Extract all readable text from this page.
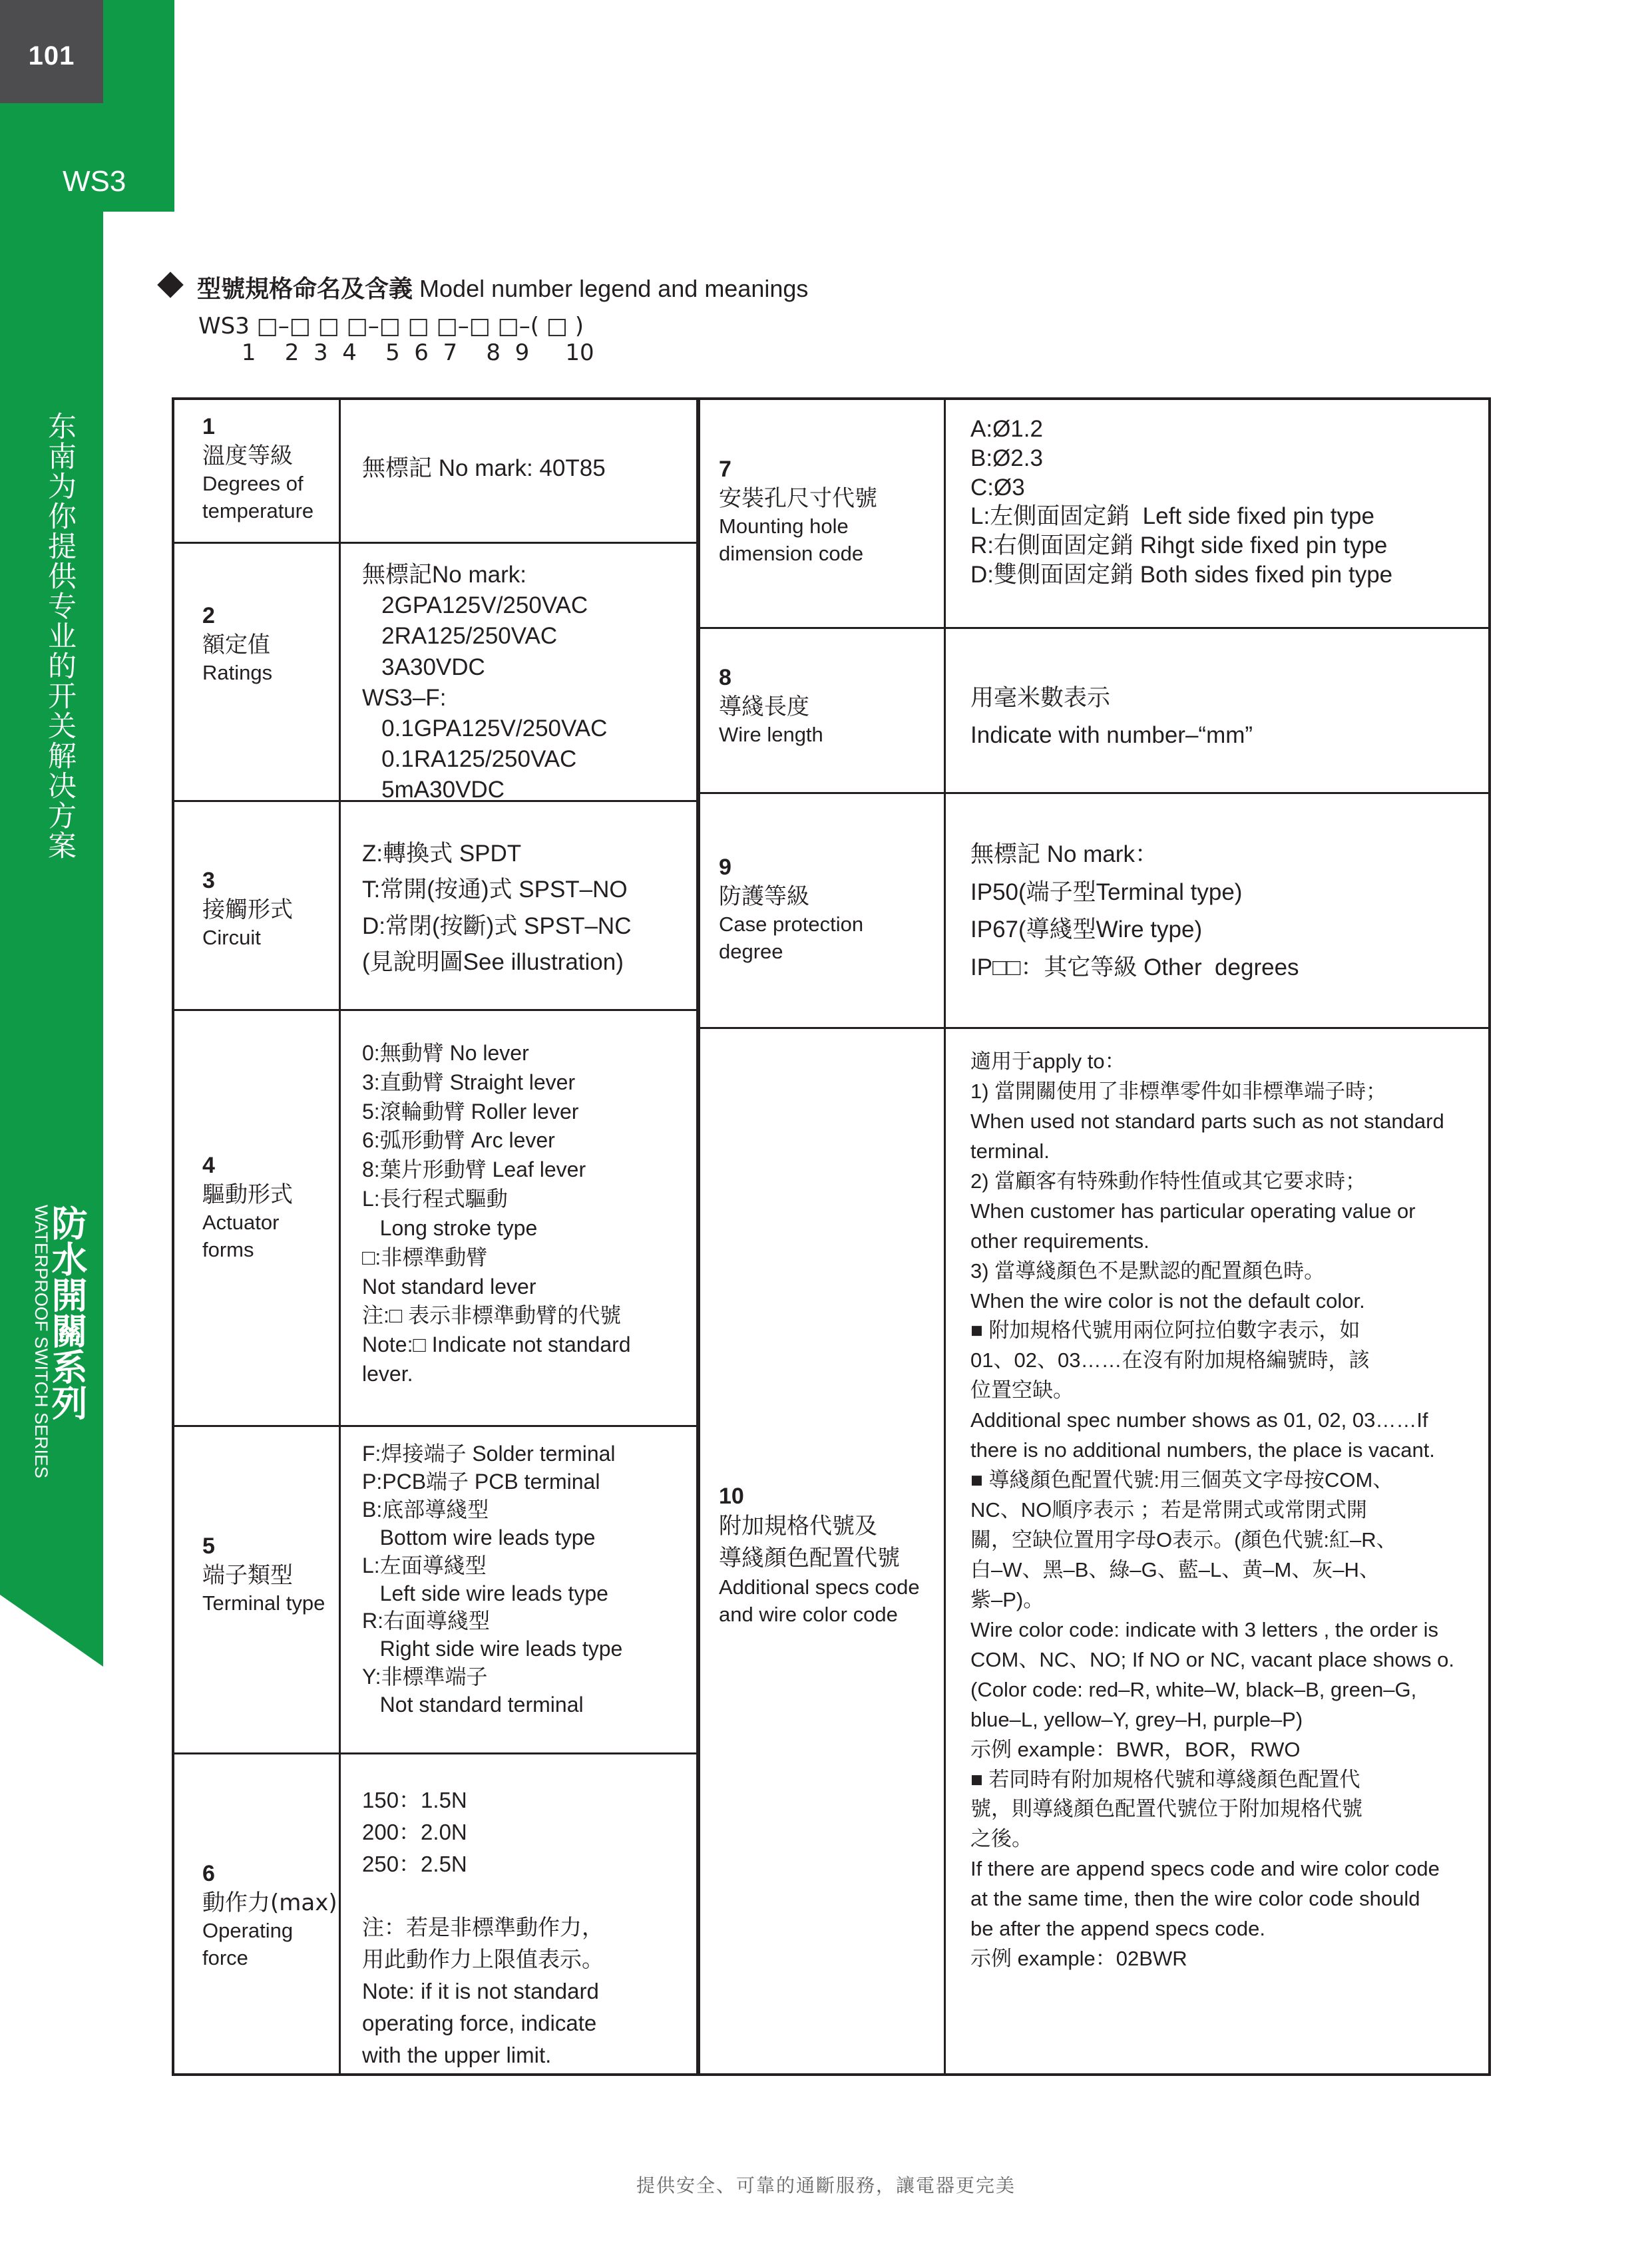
101
WS3
东南为你提供专业的开关解决方案
防水開關系列
WATERPROOF SWITCH SERIES
型號規格命名及含義 Model number legend and meanings
WS3 □–□ □ □–□ □ □–□ □–( □ )
1    2  3  4    5  6  7    8  9     10
1
溫度等級
Degrees of
temperature
無標記 No mark: 40T85
2
額定值
Ratings
無標記No mark:
2GPA125V/250VAC
2RA125/250VAC
3A30VDC
WS3–F:
0.1GPA125V/250VAC
0.1RA125/250VAC
5mA30VDC
3
接觸形式
Circuit
Z:轉換式 SPDT
T:常開(按通)式 SPST–NO
D:常閉(按斷)式 SPST–NC
(見說明圖See illustration)
4
驅動形式
Actuator
forms
0:無動臂 No lever
3:直動臂 Straight lever
5:滾輪動臂 Roller lever
6:弧形動臂 Arc lever
8:葉片形動臂 Leaf lever
L:長行程式驅動
Long stroke type
□:非標準動臂
Not standard lever
注:□ 表示非標準動臂的代號
Note:□ Indicate not standard
lever.
5
端子類型
Terminal type
F:焊接端子 Solder terminal
P:PCB端子 PCB terminal
B:底部導綫型
Bottom wire leads type
L:左面導綫型
Left side wire leads type
R:右面導綫型
Right side wire leads type
Y:非標準端子
Not standard terminal
6
動作力(max)
Operating
force
150：1.5N
200：2.0N
250：2.5N

注：若是非標準動作力，
用此動作力上限值表示。
Note: if it is not standard
operating force, indicate
with the upper limit.
7
安裝孔尺寸代號
Mounting hole
dimension code
A:Ø1.2
B:Ø2.3
C:Ø3
L:左側面固定銷  Left side fixed pin type
R:右側面固定銷 Rihgt side fixed pin type
D:雙側面固定銷 Both sides fixed pin type
8
導綫長度
Wire length
用毫米數表示
Indicate with number–“mm”
9
防護等級
Case protection
degree
無標記 No mark：
IP50(端子型Terminal type)
IP67(導綫型Wire type)
IP□□：其它等級 Other  degrees
10
附加規格代號及
導綫顏色配置代號
Additional specs code
and wire color code
適用于apply to：
1) 當開關使用了非標準零件如非標準端子時；
When used not standard parts such as not standard
terminal.
2) 當顧客有特殊動作特性值或其它要求時；
When customer has particular operating value or
other requirements.
3) 當導綫顏色不是默認的配置顏色時。
When the wire color is not the default color.
■ 附加規格代號用兩位阿拉伯數字表示，如
01、02、03……在沒有附加規格編號時，該
位置空缺。
Additional spec number shows as 01, 02, 03……If
there is no additional numbers, the place is vacant.
■ 導綫顏色配置代號:用三個英文字母按COM、
NC、NO順序表示 ；若是常開式或常閉式開
關，空缺位置用字母O表示。(顏色代號:紅–R、
白–W、黑–B、綠–G、藍–L、黄–M、灰–H、
紫–P)。
Wire color code: indicate with 3 letters , the order is
COM、NC、NO; If NO or NC, vacant place shows o.
(Color code: red–R, white–W, black–B, green–G,
blue–L, yellow–Y, grey–H, purple–P)
示例 example：BWR，BOR，RWO
■ 若同時有附加規格代號和導綫顏色配置代
號，則導綫顏色配置代號位于附加規格代號
之後。
If there are append specs code and wire color code
at the same time, then the wire color code should
be after the append specs code.
示例 example：02BWR
提供安全、可靠的通斷服務，讓電器更完美
